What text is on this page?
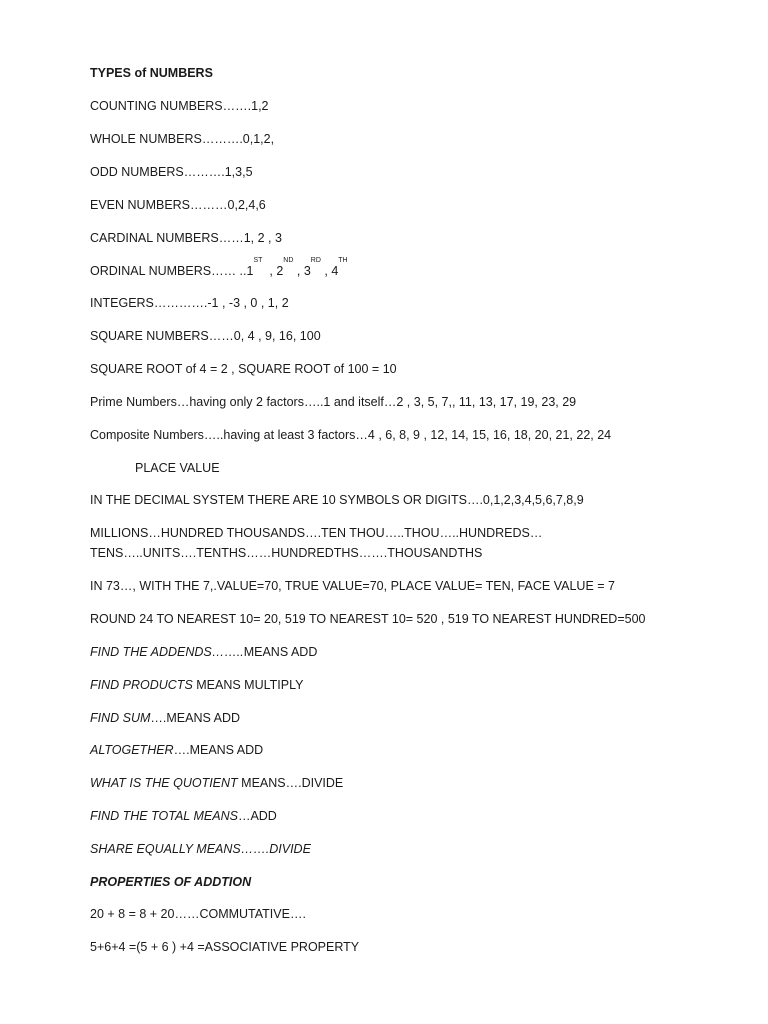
TYPES of NUMBERS
COUNTING NUMBERS…….1,2
WHOLE NUMBERS……….0,1,2,
ODD NUMBERS……….1,3,5
EVEN NUMBERS………0,2,4,6
CARDINAL NUMBERS……1, 2 , 3
ORDINAL NUMBERS…… ..1ST  , 2ND , 3RD , 4TH
INTEGERS………….-1 , -3 , 0 , 1, 2
SQUARE NUMBERS……0, 4 , 9, 16, 100
SQUARE ROOT of 4 = 2 , SQUARE ROOT of 100 = 10
Prime Numbers…having only 2 factors…..1 and itself…2 , 3, 5, 7,, 11, 13, 17, 19, 23, 29
Composite Numbers…..having at least 3 factors…4 , 6, 8, 9 , 12, 14, 15, 16, 18, 20, 21, 22, 24
PLACE VALUE
IN THE DECIMAL SYSTEM THERE ARE 10 SYMBOLS OR DIGITS….0,1,2,3,4,5,6,7,8,9
MILLIONS…HUNDRED THOUSANDS….TEN THOU…..THOU…..HUNDREDS…TENS…..UNITS….TENTHS……HUNDREDTHS…….THOUSANDTHS
IN 73…, WITH THE 7,.VALUE=70, TRUE VALUE=70, PLACE VALUE= TEN, FACE VALUE = 7
ROUND 24 TO NEAREST 10= 20, 519 TO NEAREST 10= 520 , 519 TO NEAREST HUNDRED=500
FIND THE ADDENDS……..MEANS ADD
FIND PRODUCTS MEANS MULTIPLY
FIND SUM….MEANS ADD
ALTOGETHER….MEANS ADD
WHAT IS THE QUOTIENT MEANS….DIVIDE
FIND THE TOTAL MEANS…ADD
SHARE EQUALLY MEANS…….DIVIDE
PROPERTIES OF ADDTION
20 + 8 = 8 + 20……COMMUTATIVE….
5+6+4 =(5 + 6 ) +4 =ASSOCIATIVE PROPERTY
